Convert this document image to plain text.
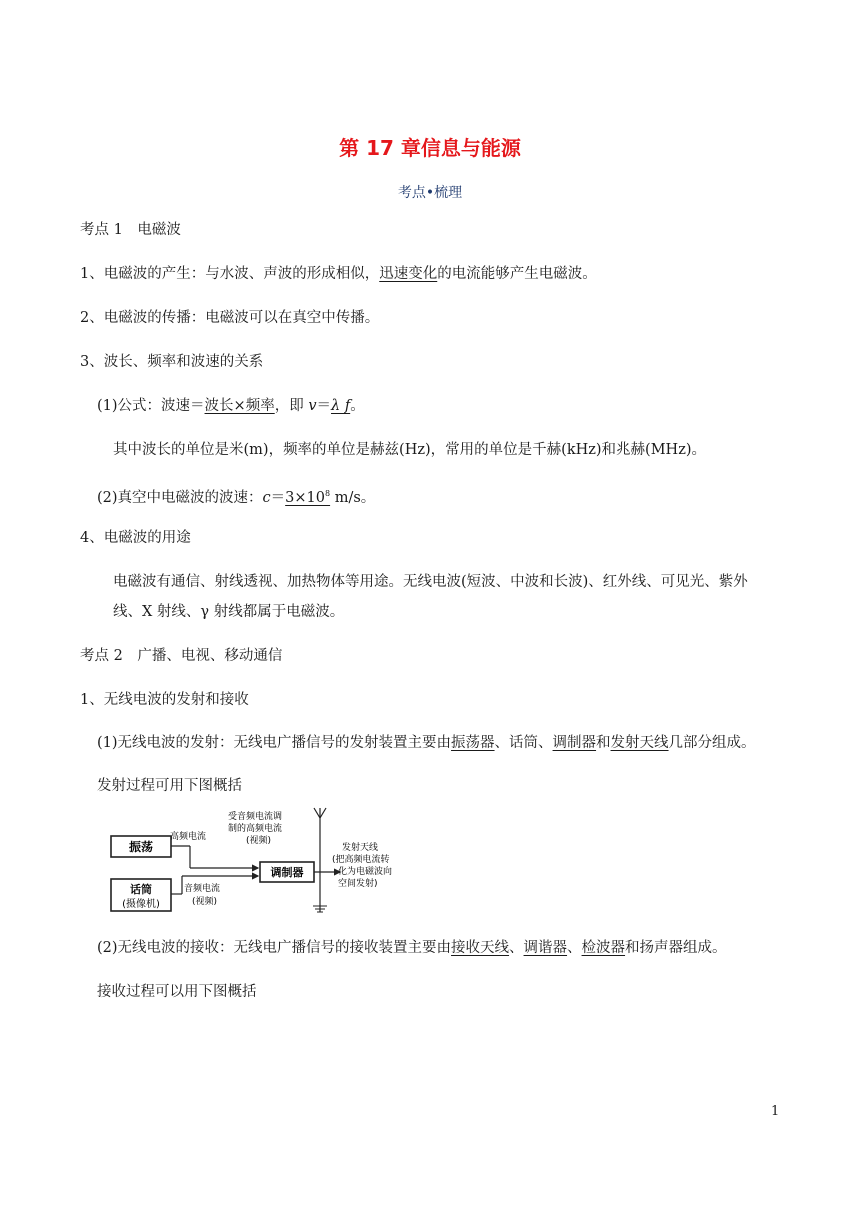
第 17 章信息与能源
考点•梳理
考点 1　电磁波
1、电磁波的产生：与水波、声波的形成相似，迅速变化的电流能够产生电磁波。
2、电磁波的传播：电磁波可以在真空中传播。
3、波长、频率和波速的关系
(1)公式：波速＝波长×频率，即 v＝λ f。
其中波长的单位是米(m)，频率的单位是赫兹(Hz)，常用的单位是千赫(kHz)和兆赫(MHz)。
(2)真空中电磁波的波速：$c=3\times 10^8$ m/s。
4、电磁波的用途
电磁波有通信、射线透视、加热物体等用途。无线电波(短波、中波和长波)、红外线、可见光、紫外
线、X 射线、γ 射线都属于电磁波。
考点 2　广播、电视、移动通信
1、无线电波的发射和接收
(1)无线电波的发射：无线电广播信号的发射装置主要由振荡器、话筒、调制器和发射天线几部分组成。
发射过程可用下图概括
振荡
话筒
(摄像机)
高频电流
音频电流
(视频)
调制器
受音频电流调
制的高频电流
(视频)
发射天线
(把高频电流转
化为电磁波向
空间发射)
(2)无线电波的接收：无线电广播信号的接收装置主要由接收天线、调谐器、检波器和扬声器组成。
接收过程可以用下图概括
1
